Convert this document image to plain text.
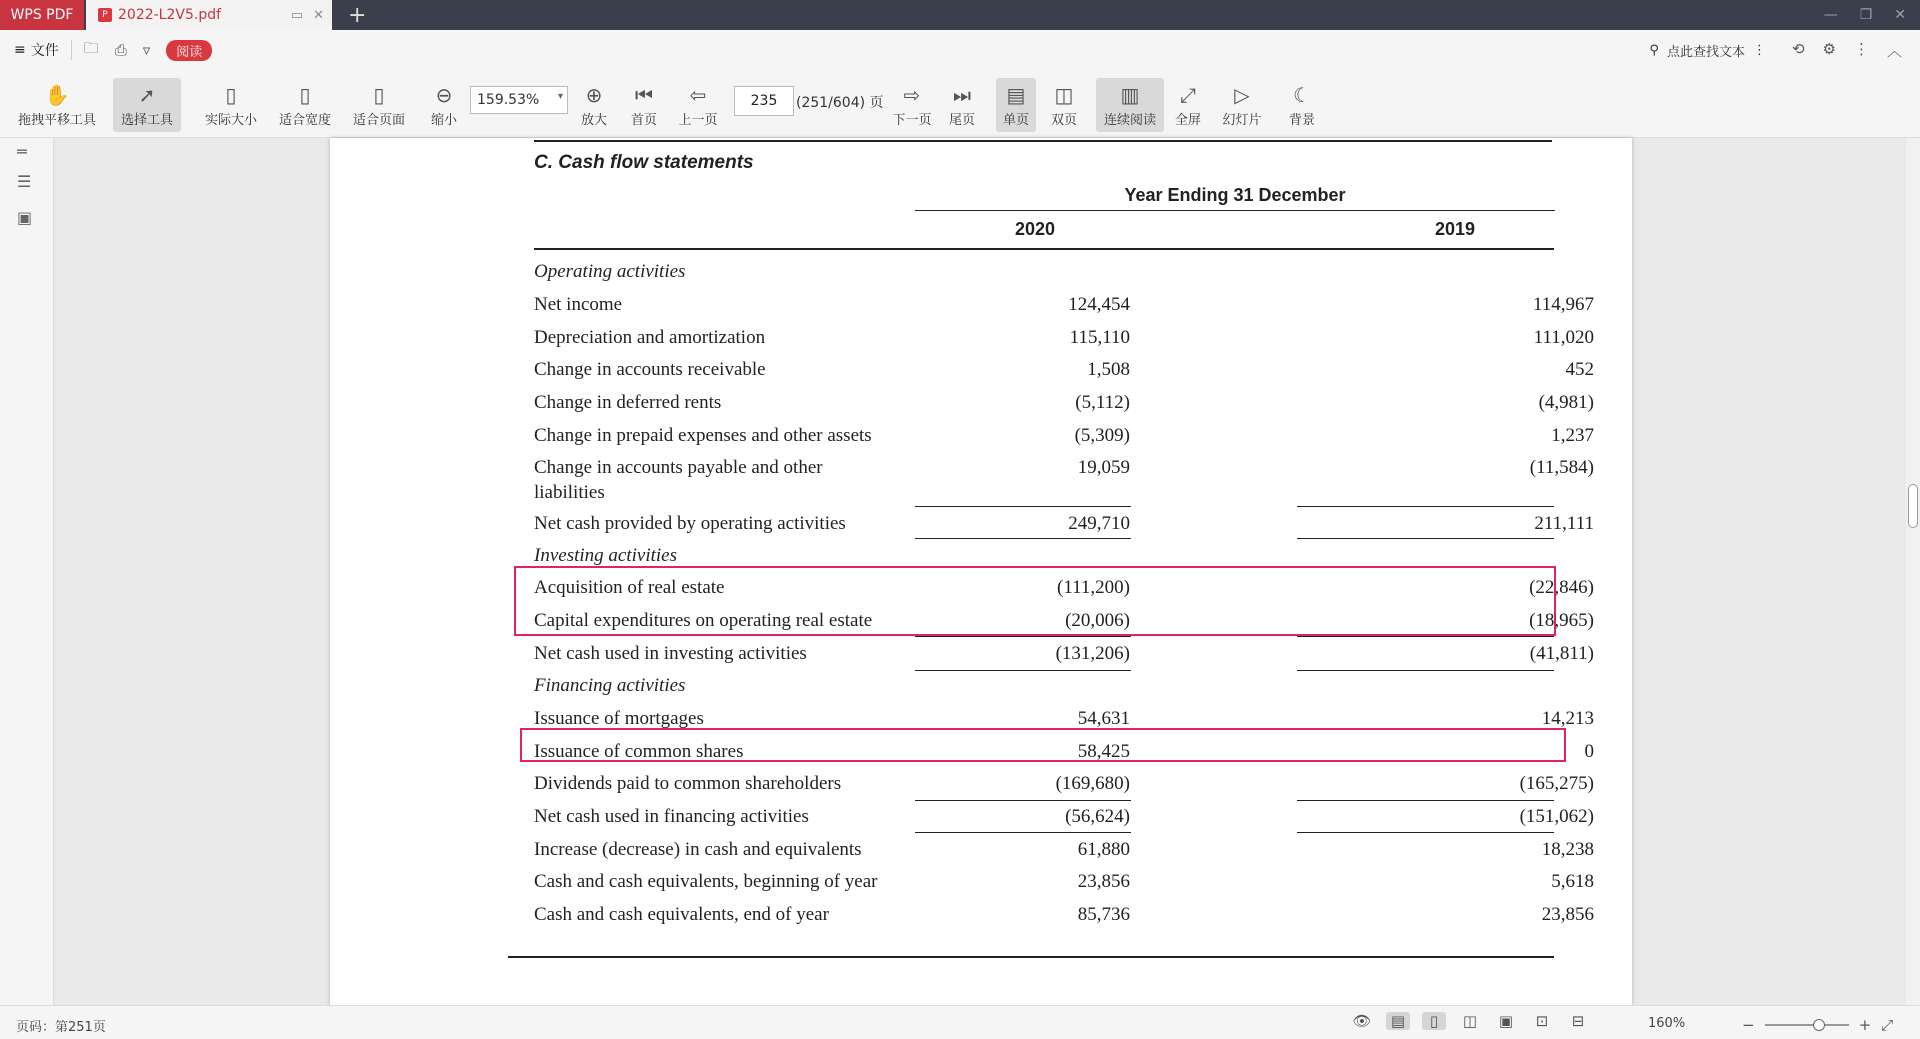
WPS PDF	P 2022-L2V5.pdf	▭ ✕ +	— ❐ ✕
≡ 文件 🗀 ⎙ ▿	阅读	⚲ 点此查找文本 ⋮ ⟲ ⚙ ⋮ ︿
✋
拖拽平移工具
➚
选择工具
▯
实际大小
▯
适合宽度
▯
适合页面
⊖
缩小
159.53% ▾	⊕
放大
⏮
首页
⇦
上一页
235	(251/604) 页 ⇨
下一页
⏭
尾页
▤
单页
◫
双页
▥
连续阅读
⤢
全屏
▷
幻灯片
☾
背景
═
☰
▣
C. Cash flow statements
Year Ending 31 December
2020	2019
Operating activities
Net income	124,454	114,967
Depreciation and amortization	115,110	111,020
Change in accounts receivable	1,508	452
Change in deferred rents	(5,112)	(4,981)
Change in prepaid expenses and other assets	(5,309)	1,237
Change in accounts payable and other	19,059	(11,584)
liabilities
Net cash provided by operating activities	249,710	211,111
Investing activities
Acquisition of real estate	(111,200)	(22,846)
Capital expenditures on operating real estate	(20,006)	(18,965)
Net cash used in investing activities	(131,206)	(41,811)
Financing activities
Issuance of mortgages	54,631	14,213
Issuance of common shares	58,425	0
Dividends paid to common shareholders	(169,680)	(165,275)
Net cash used in financing activities	(56,624)	(151,062)
Increase (decrease) in cash and equivalents	61,880	18,238
Cash and cash equivalents, beginning of year	23,856	5,618
Cash and cash equivalents, end of year	85,736	23,856
页码：第251页	👁	▤	▯	◫	▣	⊡	⊟	160%	−	+ ⤢
